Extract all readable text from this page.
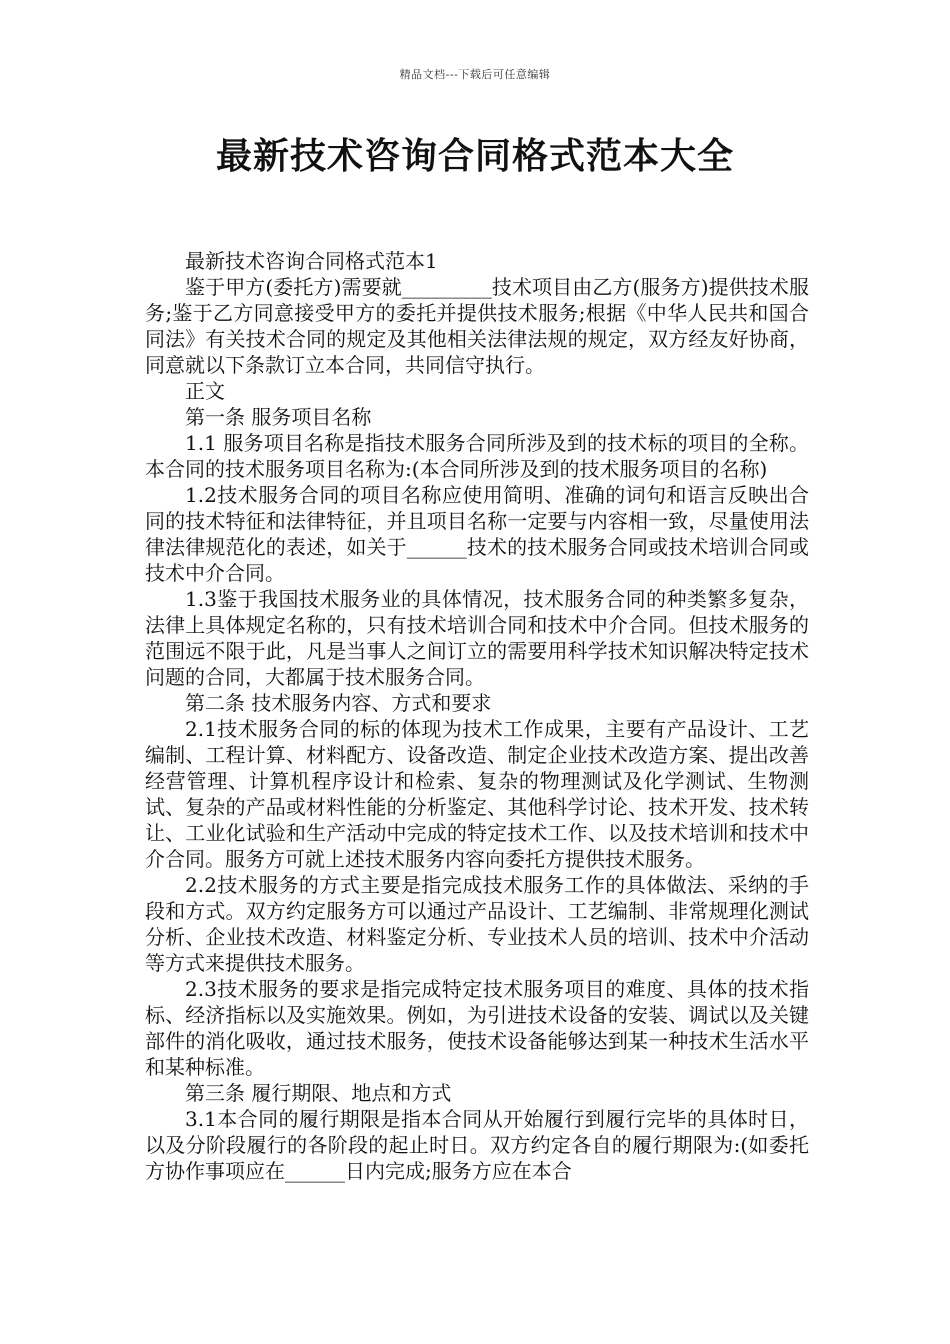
精品文档---下载后可任意编辑
最新技术咨询合同格式范本大全

最新技术咨询合同格式范本1

鉴于甲方(委托方)需要就_________技术项目由乙方(服务方)提供技术服务;鉴于乙方同意接受甲方的委托并提供技术服务;根据《中华人民共和国合同法》有关技术合同的规定及其他相关法律法规的规定，双方经友好协商，同意就以下条款订立本合同，共同信守执行。

正文

第一条 服务项目名称

1.1 服务项目名称是指技术服务合同所涉及到的技术标的项目的全称。本合同的技术服务项目名称为:(本合同所涉及到的技术服务项目的名称)

1.2技术服务合同的项目名称应使用简明、准确的词句和语言反映出合同的技术特征和法律特征，并且项目名称一定要与内容相一致，尽量使用法律法律规范化的表述，如关于______技术的技术服务合同或技术培训合同或技术中介合同。

1.3鉴于我国技术服务业的具体情况，技术服务合同的种类繁多复杂，法律上具体规定名称的，只有技术培训合同和技术中介合同。但技术服务的范围远不限于此，凡是当事人之间订立的需要用科学技术知识解决特定技术问题的合同，大都属于技术服务合同。

第二条 技术服务内容、方式和要求

2.1技术服务合同的标的体现为技术工作成果，主要有产品设计、工艺编制、工程计算、材料配方、设备改造、制定企业技术改造方案、提出改善经营管理、计算机程序设计和检索、复杂的物理测试及化学测试、生物测试、复杂的产品或材料性能的分析鉴定、其他科学讨论、技术开发、技术转让、工业化试验和生产活动中完成的特定技术工作、以及技术培训和技术中介合同。服务方可就上述技术服务内容向委托方提供技术服务。

2.2技术服务的方式主要是指完成技术服务工作的具体做法、采纳的手段和方式。双方约定服务方可以通过产品设计、工艺编制、非常规理化测试分析、企业技术改造、材料鉴定分析、专业技术人员的培训、技术中介活动等方式来提供技术服务。

2.3技术服务的要求是指完成特定技术服务项目的难度、具体的技术指标、经济指标以及实施效果。例如，为引进技术设备的安装、调试以及关键部件的消化吸收，通过技术服务，使技术设备能够达到某一种技术生活水平和某种标准。

第三条 履行期限、地点和方式

3.1本合同的履行期限是指本合同从开始履行到履行完毕的具体时日，以及分阶段履行的各阶段的起止时日。双方约定各自的履行期限为:(如委托方协作事项应在______日内完成;服务方应在本合
